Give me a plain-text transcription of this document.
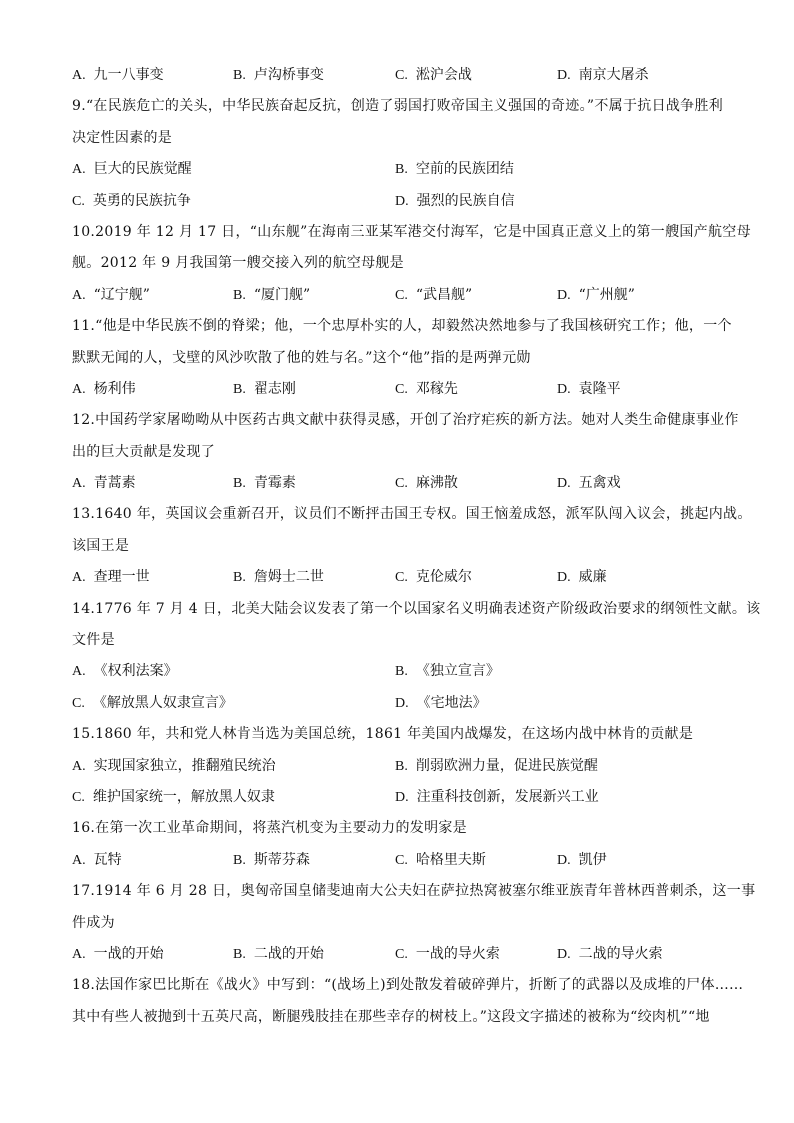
A. 九一八事变	B. 卢沟桥事变	C. 淞沪会战	D. 南京大屠杀
9.“在民族危亡的关头，中华民族奋起反抗，创造了弱国打败帝国主义强国的奇迹。”不属于抗日战争胜利
决定性因素的是
A. 巨大的民族觉醒	B. 空前的民族团结
C. 英勇的民族抗争	D. 强烈的民族自信
10.2019 年 12 月 17 日，“山东舰”在海南三亚某军港交付海军，它是中国真正意义上的第一艘国产航空母
舰。2012 年 9 月我国第一艘交接入列的航空母舰是
A. “辽宁舰”	B. “厦门舰”	C. “武昌舰”	D. “广州舰”
11.“他是中华民族不倒的脊梁；他，一个忠厚朴实的人，却毅然决然地参与了我国核研究工作；他，一个
默默无闻的人，戈壁的风沙吹散了他的姓与名。”这个“他”指的是两弹元勋
A. 杨利伟	B. 翟志刚	C. 邓稼先	D. 袁隆平
12.中国药学家屠呦呦从中医药古典文献中获得灵感，开创了治疗疟疾的新方法。她对人类生命健康事业作
出的巨大贡献是发现了
A. 青蒿素	B. 青霉素	C. 麻沸散	D. 五禽戏
13.1640 年，英国议会重新召开，议员们不断抨击国王专权。国王恼羞成怒，派军队闯入议会，挑起内战。
该国王是
A. 查理一世	B. 詹姆士二世	C. 克伦威尔	D. 威廉
14.1776 年 7 月 4 日，北美大陆会议发表了第一个以国家名义明确表述资产阶级政治要求的纲领性文献。该
文件是
A. 《权利法案》	B. 《独立宣言》
C. 《解放黑人奴隶宣言》	D. 《宅地法》
15.1860 年，共和党人林肯当选为美国总统，1861 年美国内战爆发，在这场内战中林肯的贡献是
A. 实现国家独立，推翻殖民统治	B. 削弱欧洲力量，促进民族觉醒
C. 维护国家统一，解放黑人奴隶	D. 注重科技创新，发展新兴工业
16.在第一次工业革命期间，将蒸汽机变为主要动力的发明家是
A. 瓦特	B. 斯蒂芬森	C. 哈格里夫斯	D. 凯伊
17.1914 年 6 月 28 日，奥匈帝国皇储斐迪南大公夫妇在萨拉热窝被塞尔维亚族青年普林西普刺杀，这一事
件成为
A. 一战的开始	B. 二战的开始	C. 一战的导火索	D. 二战的导火索
18.法国作家巴比斯在《战火》中写到：“(战场上)到处散发着破碎弹片，折断了的武器以及成堆的尸体……
其中有些人被抛到十五英尺高，断腿残肢挂在那些幸存的树枝上。”这段文字描述的被称为“绞肉机”“地
